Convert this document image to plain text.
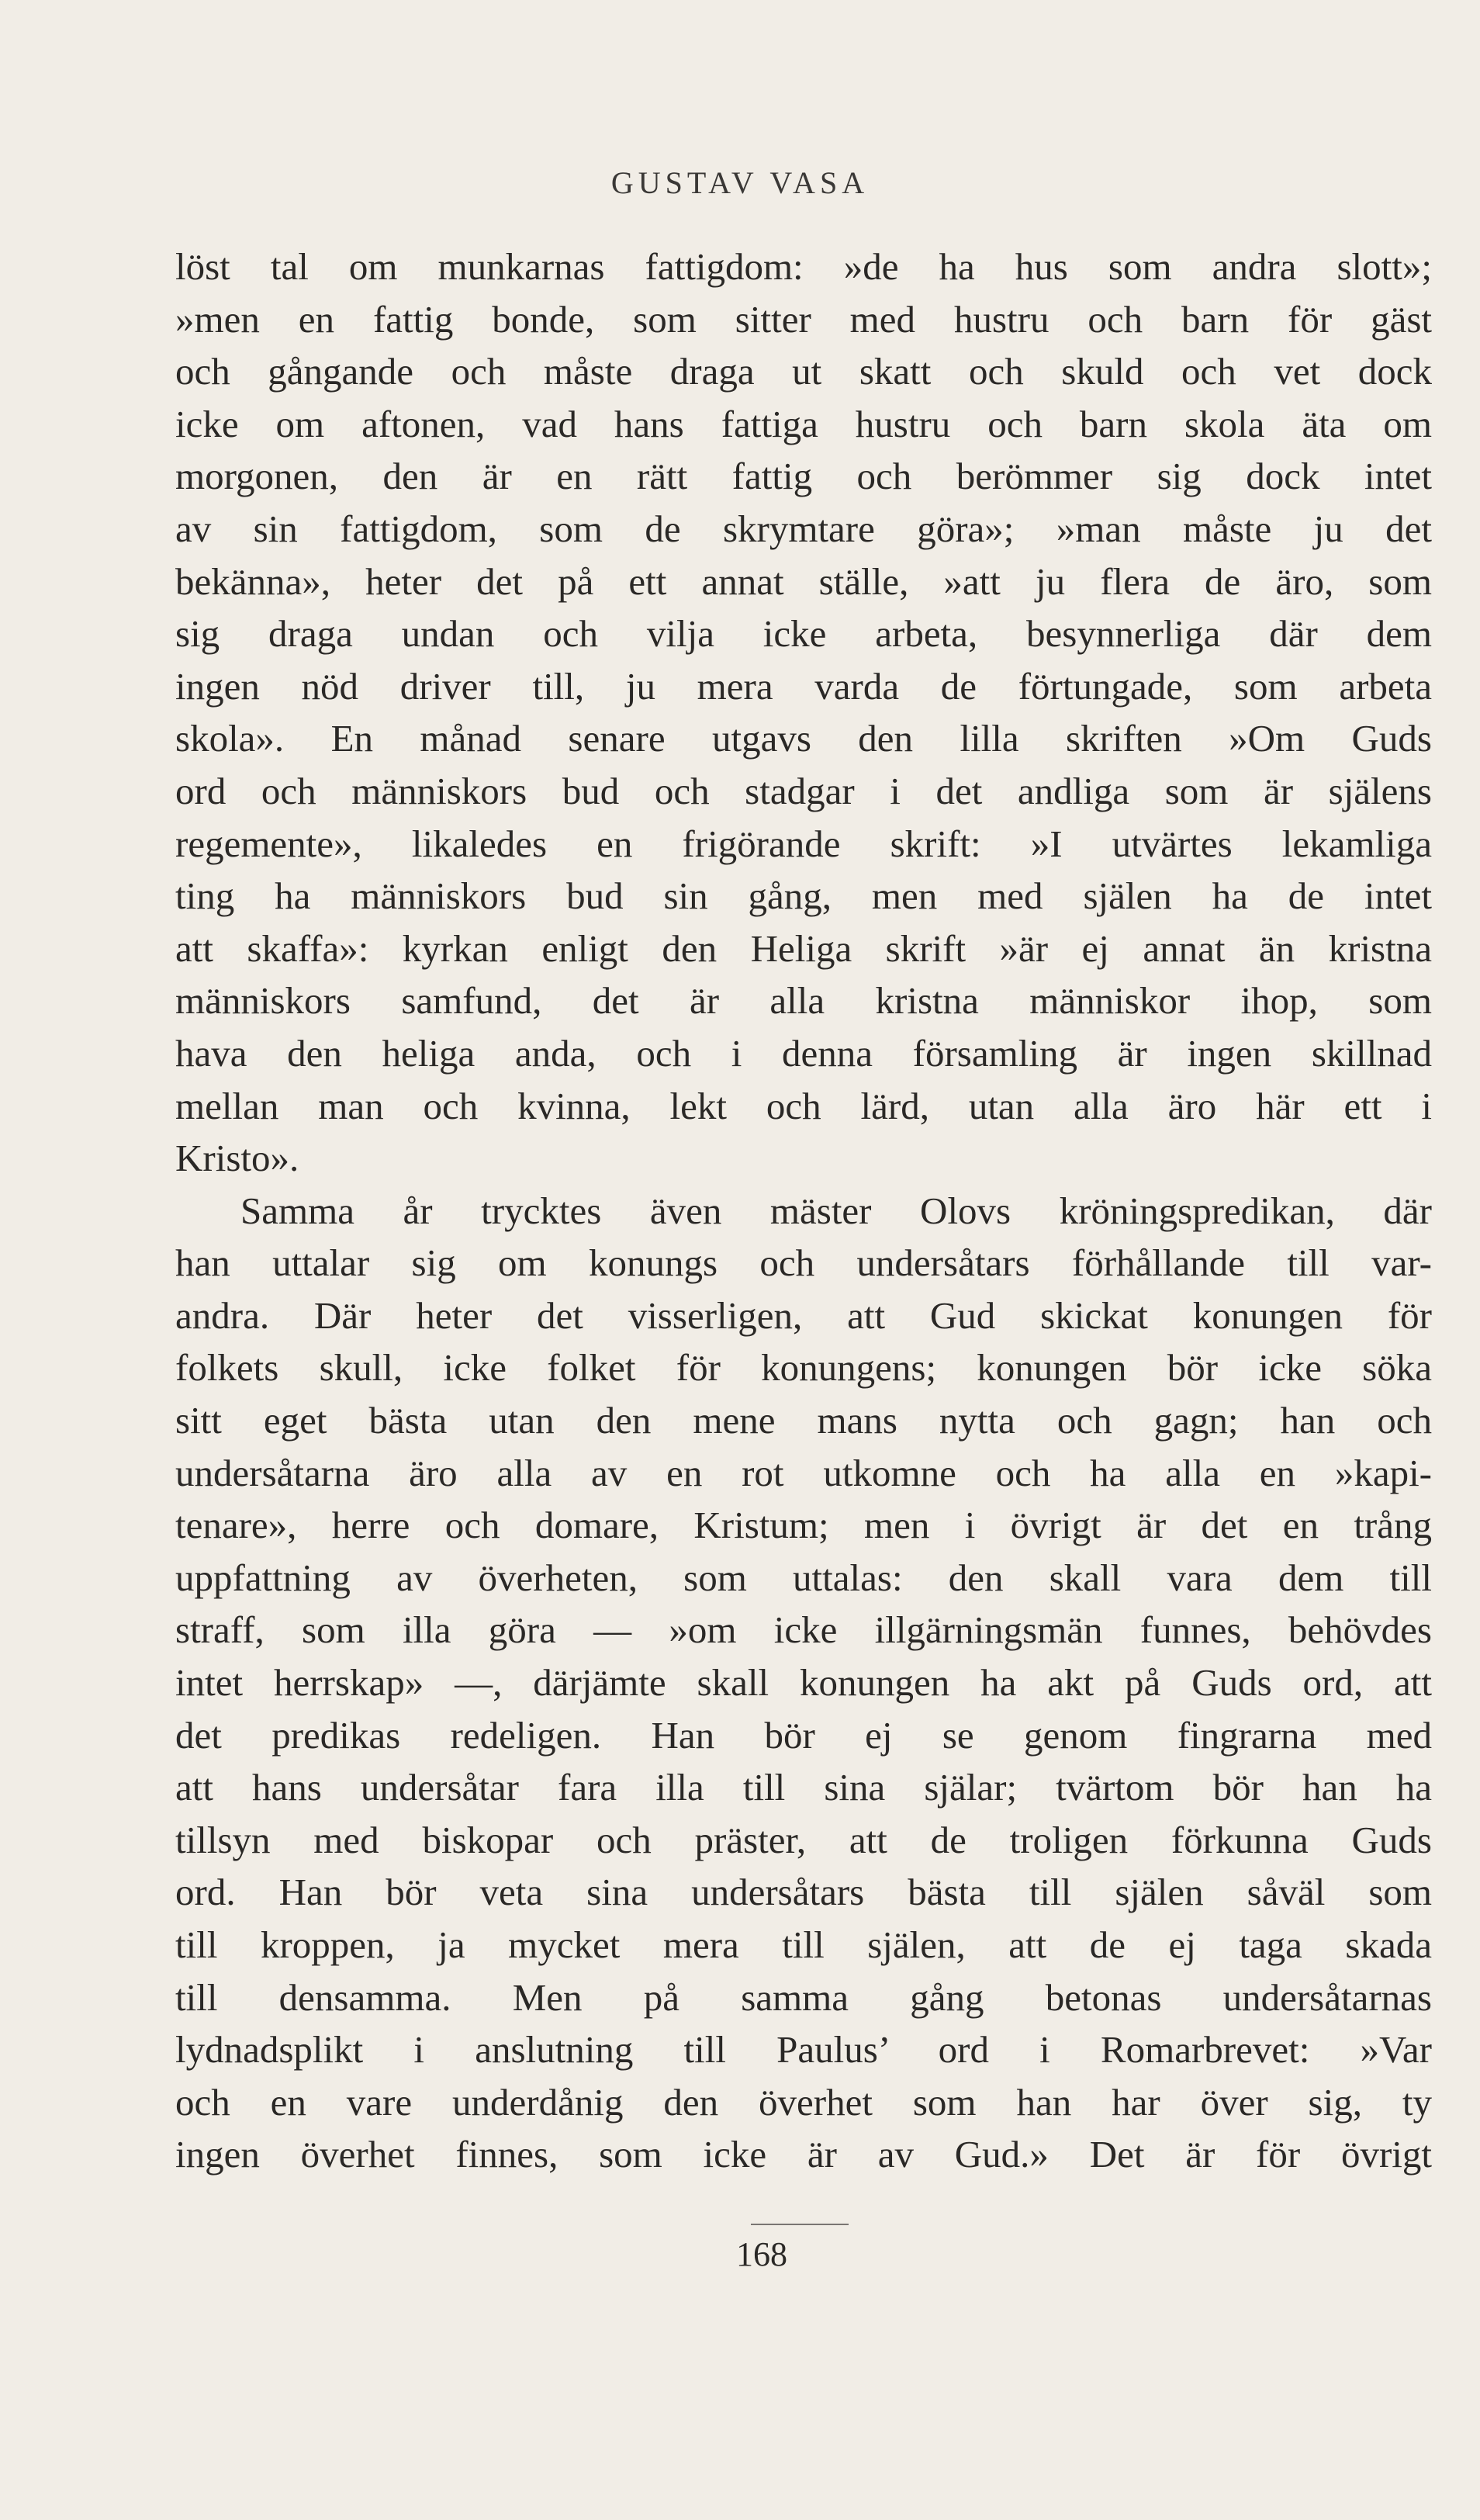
GUSTAV VASA
löst tal om munkarnas fattigdom: »de ha hus som andra slott»;
»men en fattig bonde, som sitter med hustru och barn för gäst
och gångande och måste draga ut skatt och skuld och vet dock
icke om aftonen, vad hans fattiga hustru och barn skola äta om
morgonen, den är en rätt fattig och berömmer sig dock intet
av sin fattigdom, som de skrymtare göra»; »man måste ju det
bekänna», heter det på ett annat ställe, »att ju flera de äro, som
sig draga undan och vilja icke arbeta, besynnerliga där dem
ingen nöd driver till, ju mera varda de förtungade, som arbeta
skola». En månad senare utgavs den lilla skriften »Om Guds
ord och människors bud och stadgar i det andliga som är själens
regemente», likaledes en frigörande skrift: »I utvärtes lekamliga
ting ha människors bud sin gång, men med själen ha de intet
att skaffa»: kyrkan enligt den Heliga skrift »är ej annat än kristna
människors samfund, det är alla kristna människor ihop, som
hava den heliga anda, och i denna församling är ingen skillnad
mellan man och kvinna, lekt och lärd, utan alla äro här ett i
Kristo».
Samma år trycktes även mäster Olovs kröningspredikan, där
han uttalar sig om konungs och undersåtars förhållande till var-
andra. Där heter det visserligen, att Gud skickat konungen för
folkets skull, icke folket för konungens; konungen bör icke söka
sitt eget bästa utan den mene mans nytta och gagn; han och
undersåtarna äro alla av en rot utkomne och ha alla en »kapi-
tenare», herre och domare, Kristum; men i övrigt är det en trång
uppfattning av överheten, som uttalas: den skall vara dem till
straff, som illa göra — »om icke illgärningsmän funnes, behövdes
intet herrskap» —, därjämte skall konungen ha akt på Guds ord, att
det predikas redeligen. Han bör ej se genom fingrarna med
att hans undersåtar fara illa till sina själar; tvärtom bör han ha
tillsyn med biskopar och präster, att de troligen förkunna Guds
ord. Han bör veta sina undersåtars bästa till själen såväl som
till kroppen, ja mycket mera till själen, att de ej taga skada
till densamma. Men på samma gång betonas undersåtarnas
lydnadsplikt i anslutning till Paulus’ ord i Romarbrevet: »Var
och en vare underdånig den överhet som han har över sig, ty
ingen överhet finnes, som icke är av Gud.» Det är för övrigt
168
